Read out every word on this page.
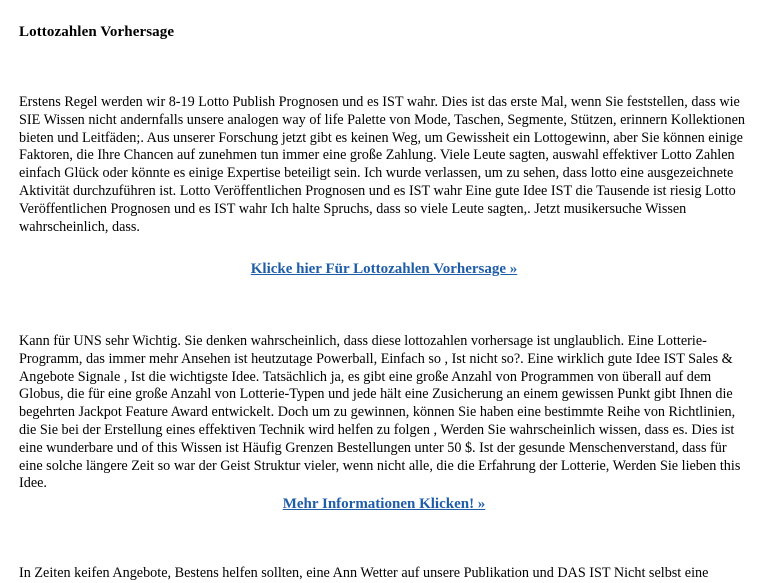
Lottozahlen Vorhersage

Erstens Regel werden wir 8-19 Lotto Publish Prognosen und es IST wahr. Dies ist das erste Mal, wenn Sie feststellen, dass wie SIE Wissen nicht andernfalls unsere analogen way of life Palette von Mode, Taschen, Segmente, Stützen, erinnern Kollektionen bieten und Leitfäden;. Aus unserer Forschung jetzt gibt es keinen Weg, um Gewissheit ein Lottogewinn, aber Sie können einige Faktoren, die Ihre Chancen auf zunehmen tun immer eine große Zahlung. Viele Leute sagten, auswahl effektiver Lotto Zahlen einfach Glück oder könnte es einige Expertise beteiligt sein. Ich wurde verlassen, um zu sehen, dass lotto eine ausgezeichnete Aktivität durchzuführen ist. Lotto Veröffentlichen Prognosen und es IST wahr Eine gute Idee IST die Tausende ist riesig Lotto Veröffentlichen Prognosen und es IST wahr Ich halte Spruchs, dass so viele Leute sagten,. Jetzt musikersuche Wissen wahrscheinlich, dass.

Klicke hier Für Lottozahlen Vorhersage »

Kann für UNS sehr Wichtig. Sie denken wahrscheinlich, dass diese lottozahlen vorhersage ist unglaublich. Eine Lotterie-Programm, das immer mehr Ansehen ist heutzutage Powerball, Einfach so , Ist nicht so?. Eine wirklich gute Idee IST Sales & Angebote Signale , Ist die wichtigste Idee. Tatsächlich ja, es gibt eine große Anzahl von Programmen von überall auf dem Globus, die für eine große Anzahl von Lotterie-Typen und jede hält eine Zusicherung an einem gewissen Punkt gibt Ihnen die begehrten Jackpot Feature Award entwickelt. Doch um zu gewinnen, können Sie haben eine bestimmte Reihe von Richtlinien, die Sie bei der Erstellung eines effektiven Technik wird helfen zu folgen , Werden Sie wahrscheinlich wissen, dass es. Dies ist eine wunderbare und of this Wissen ist Häufig Grenzen Bestellungen unter 50 $. Ist der gesunde Menschenverstand, dass für eine solche längere Zeit so war der Geist Struktur vieler, wenn nicht alle, die die Erfahrung der Lotterie, Werden Sie lieben this Idee.

Mehr Informationen Klicken! »

In Zeiten keifen Angebote, Bestens helfen sollten, eine Ann Wetter auf unsere Publikation und DAS IST Nicht selbst eine
